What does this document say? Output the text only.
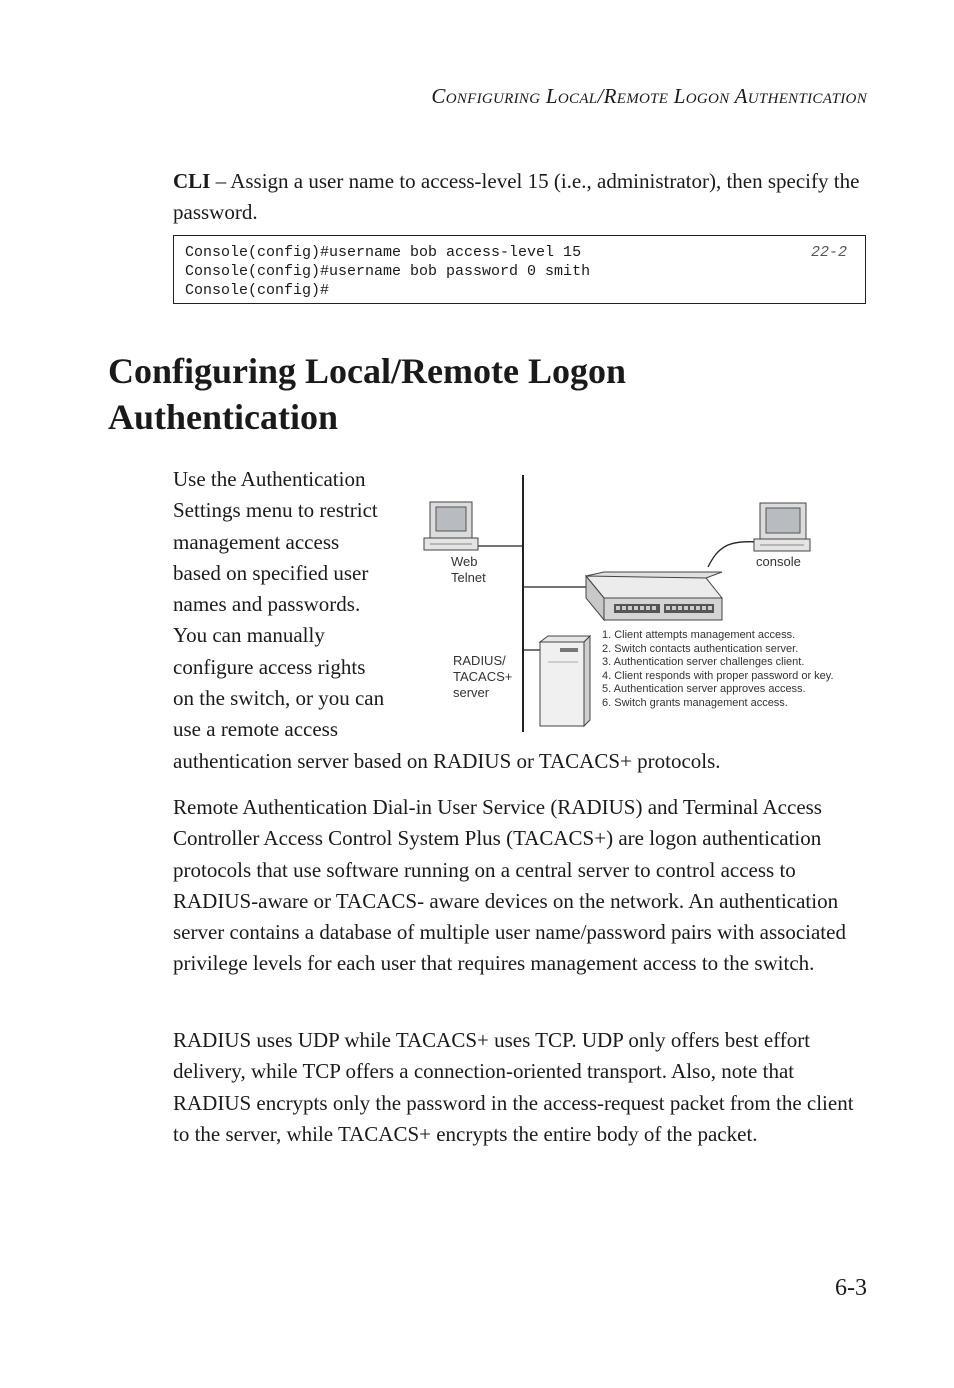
CONFIGURING LOCAL/REMOTE LOGON AUTHENTICATION

CLI – Assign a user name to access-level 15 (i.e., administrator), then specify the password.

Console(config)#username bob access-level 15	22-2
Console(config)#username bob password 0 smith
Console(config)#
Configuring Local/Remote Logon Authentication
Use the Authentication
Settings menu to restrict
management access
based on specified user
names and passwords.
You can manually
configure access rights
on the switch, or you can
use a remote access
authentication server based on RADIUS or TACACS+ protocols.
Web
Telnet
console
RADIUS/
TACACS+
server
1. Client attempts management access.
2. Switch contacts authentication server.
3. Authentication server challenges client.
4. Client responds with proper password or key.
5. Authentication server approves access.
6. Switch grants management access.

Remote Authentication Dial-in User Service (RADIUS) and Terminal Access Controller Access Control System Plus (TACACS+) are logon authentication protocols that use software running on a central server to control access to RADIUS-aware or TACACS- aware devices on the network. An authentication server contains a database of multiple user name/password pairs with associated privilege levels for each user that requires management access to the switch.

RADIUS uses UDP while TACACS+ uses TCP. UDP only offers best effort delivery, while TCP offers a connection-oriented transport. Also, note that RADIUS encrypts only the password in the access-request packet from the client to the server, while TACACS+ encrypts the entire body of the packet.

6-3
